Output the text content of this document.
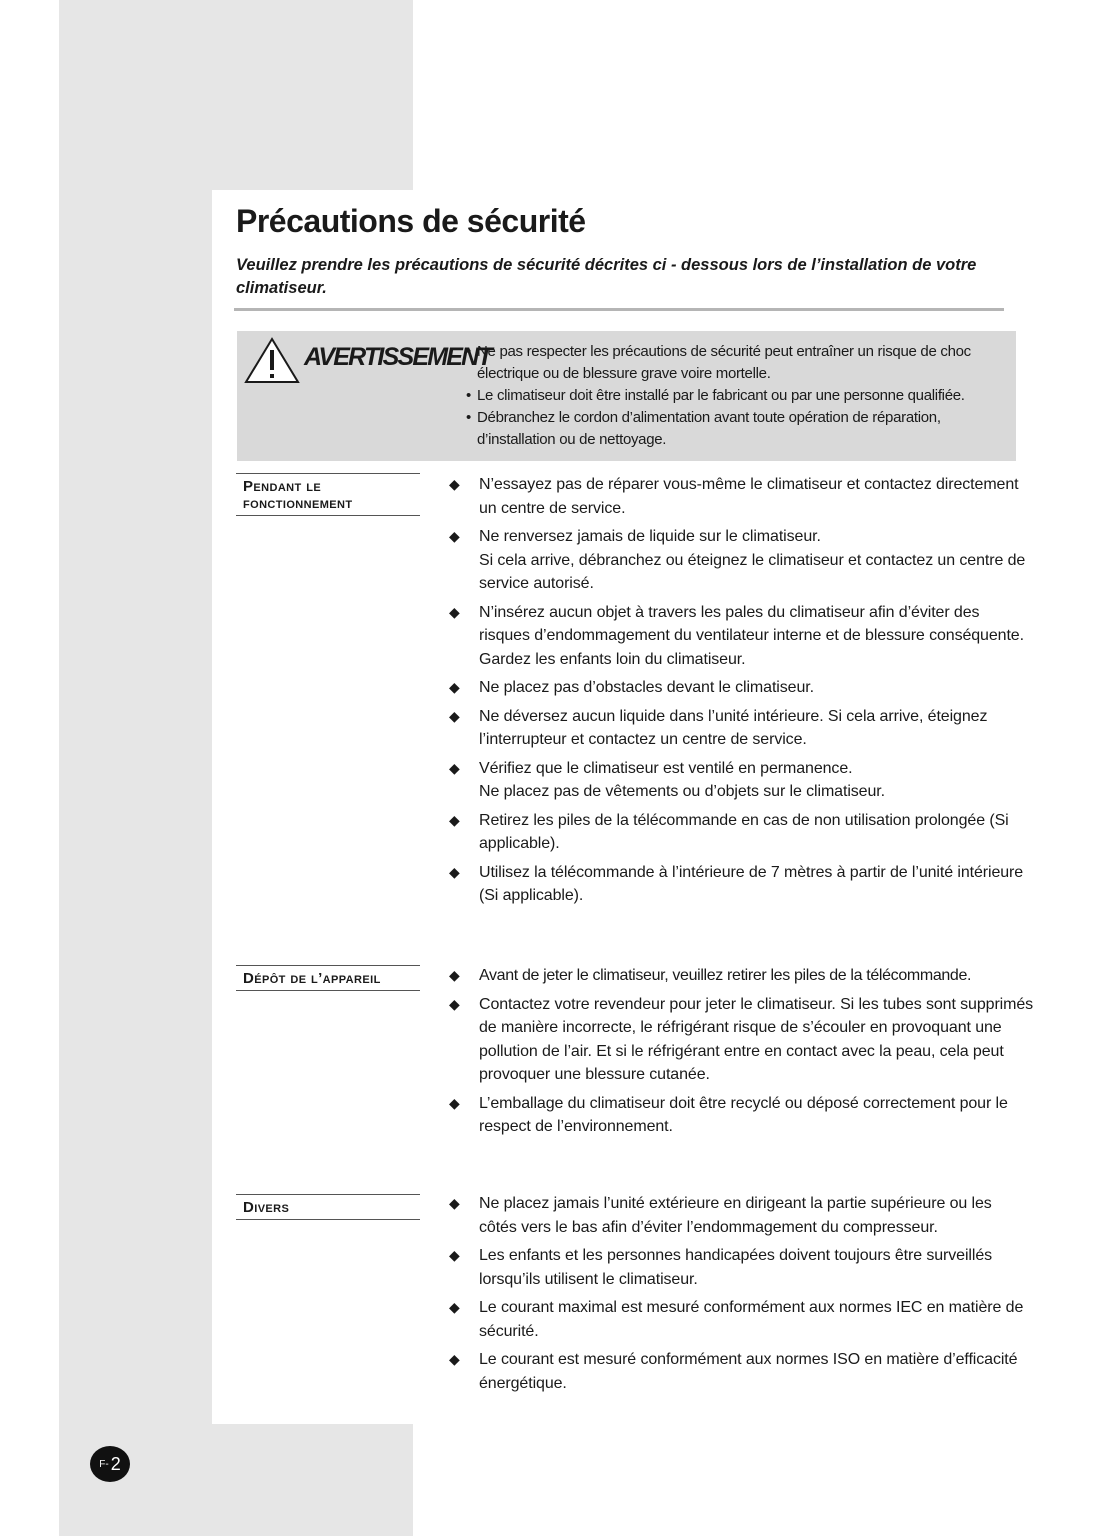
Précautions de sécurité

Veuillez prendre les précautions de sécurité décrites ci - dessous lors de l’installation de votre climatiseur.

AVERTISSEMENT
• Ne pas respecter les précautions de sécurité peut entraîner un risque de choc électrique ou de blessure grave voire mortelle.
• Le climatiseur doit être installé par le fabricant ou par une personne qualifiée.
• Débranchez le cordon d’alimentation avant toute opération de réparation, d’installation ou de nettoyage.
Pendant le fonctionnement
◆ N’essayez pas de réparer vous-même le climatiseur et contactez directement un centre de service.
◆ Ne renversez jamais de liquide sur le climatiseur.
Si cela arrive, débranchez ou éteignez le climatiseur et contactez un centre de service autorisé.
◆ N’insérez aucun objet à travers les pales du climatiseur afin d’éviter des risques d’endommagement du ventilateur interne et de blessure conséquente. Gardez les enfants loin du climatiseur.
◆ Ne placez pas d’obstacles devant le climatiseur.
◆ Ne déversez aucun liquide dans l’unité intérieure. Si cela arrive, éteignez l’interrupteur et contactez un centre de service.
◆ Vérifiez que le climatiseur est ventilé en permanence.
Ne placez pas de vêtements ou d’objets sur le climatiseur.
◆ Retirez les piles de la télécommande en cas de non utilisation prolongée (Si applicable).
◆ Utilisez la télécommande à l’intérieure de 7 mètres à partir de l’unité intérieure (Si applicable).
Dépôt de l’appareil	◆ Avant de jeter le climatiseur, veuillez retirer les piles de la télécommande.
◆ Contactez votre revendeur pour jeter le climatiseur. Si les tubes sont supprimés de manière incorrecte, le réfrigérant risque de s’écouler en provoquant une pollution de l’air. Et si le réfrigérant entre en contact avec la peau, cela peut provoquer une blessure cutanée.
◆ L’emballage du climatiseur doit être recyclé ou déposé correctement pour le respect de l’environnement.
Divers	◆ Ne placez jamais l’unité extérieure en dirigeant la partie supérieure ou les côtés vers le bas afin d’éviter l’endommagement du compresseur.
◆ Les enfants et les personnes handicapées doivent toujours être surveillés lorsqu’ils utilisent le climatiseur.
◆ Le courant maximal est mesuré conformément aux normes IEC en matière de sécurité.
◆ Le courant est mesuré conformément aux normes ISO en matière d’efficacité énergétique.
F- 2
